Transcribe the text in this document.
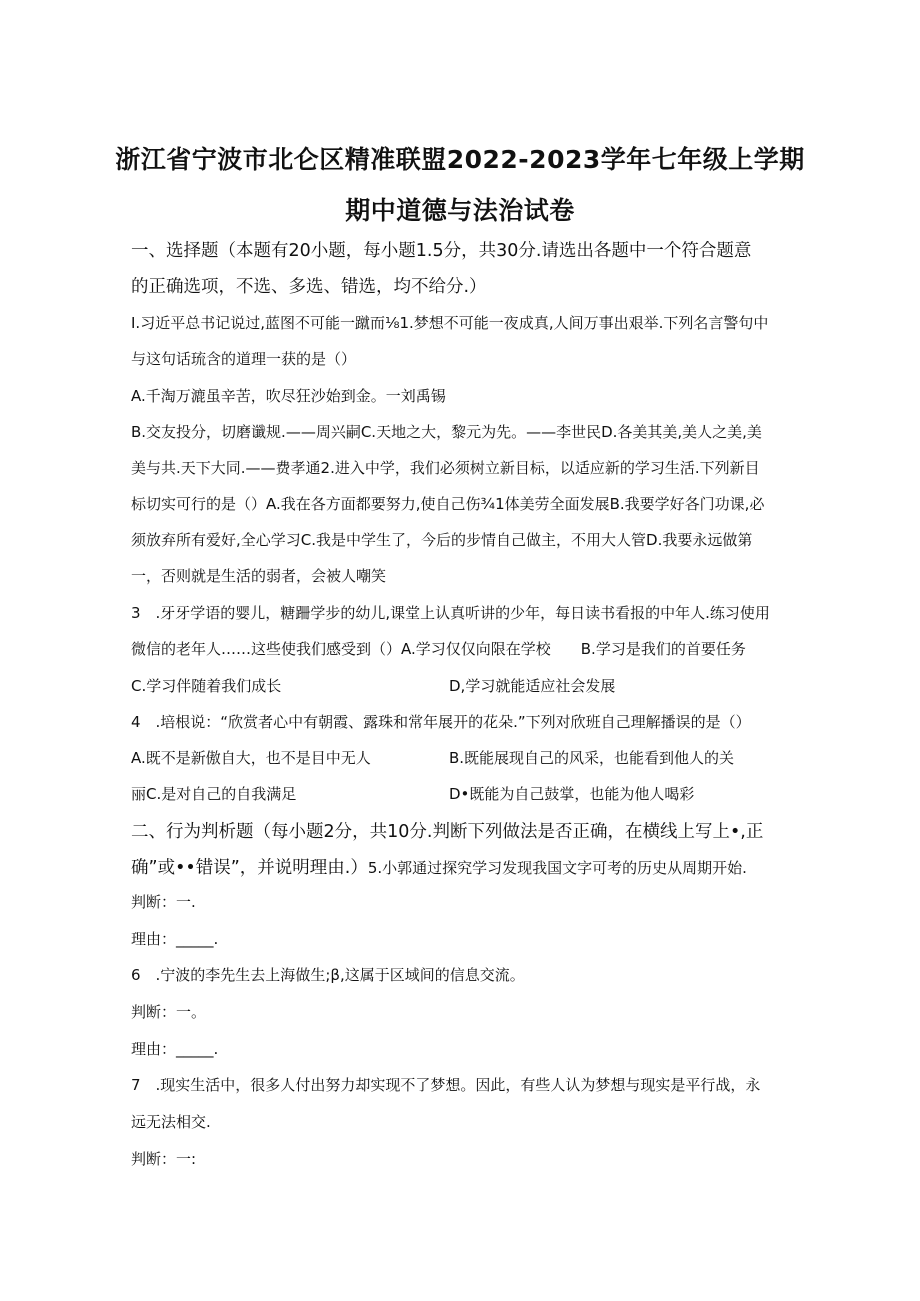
浙江省宁波市北仑区精准联盟2022-2023学年七年级上学期
期中道德与法治试卷
一、选择题（本题有20小题，每小题1.5分，共30分.请选出各题中一个符合题意
的正确选项，不选、多选、错选，均不给分.）
I.习近平总书记说过,蓝图不可能一蹴而⅛1.梦想不可能一夜成真,人间万事出艰举.下列名言警句中
与这句话琉含的道理一获的是（）
A.千淘万漉虽辛苦，吹尽狂沙始到金。一刘禹锡
B.交友投分，切磨谶规.——周兴嗣C.天地之大，黎元为先。——李世民D.各美其美,美人之美,美
美与共.天下大同.——费孝通2.进入中学，我们必须树立新目标，以适应新的学习生活.下列新目
标切实可行的是（）A.我在各方面都要努力,使自己伤¾1体美劳全面发展B.我要学好各门功课,必
须放弃所有爱好,全心学习C.我是中学生了，今后的步情自己做主，不用大人管D.我要永远做第
一，否则就是生活的弱者，会被人嘲笑
3　.牙牙学语的婴儿，糖跚学步的幼儿,课堂上认真听讲的少年，每日读书看报的中年人.练习使用
微信的老年人……这些使我们感受到（）A.学习仅仅向限在学校　　B.学习是我们的首要任务
C.学习伴随着我们成长	D,学习就能适应社会发展
4　.培根说：“欣赏者心中有朝霞、露珠和常年展开的花朵.”下列对欣班自己理解播误的是（）
A.既不是新傲自大，也不是目中无人	B.既能展现自己的风采，也能看到他人的关
丽C.是对自己的自我满足	D•既能为自己鼓掌，也能为他人喝彩
二、行为判析题（每小题2分，共10分.判断下列做法是否正确，在横线上写上•,正
确”或••错误”，并说明理由.）5.小郭通过探究学习发现我国文字可考的历史从周期开始.
判断：一.
理由：_____.
6　.宁波的李先生去上海做生;β,这属于区域间的信息交流。
判断：一。
理由：_____.
7　.现实生活中，很多人付出努力却实现不了梦想。因此，有些人认为梦想与现实是平行战，永
远无法相交.
判断：一:
